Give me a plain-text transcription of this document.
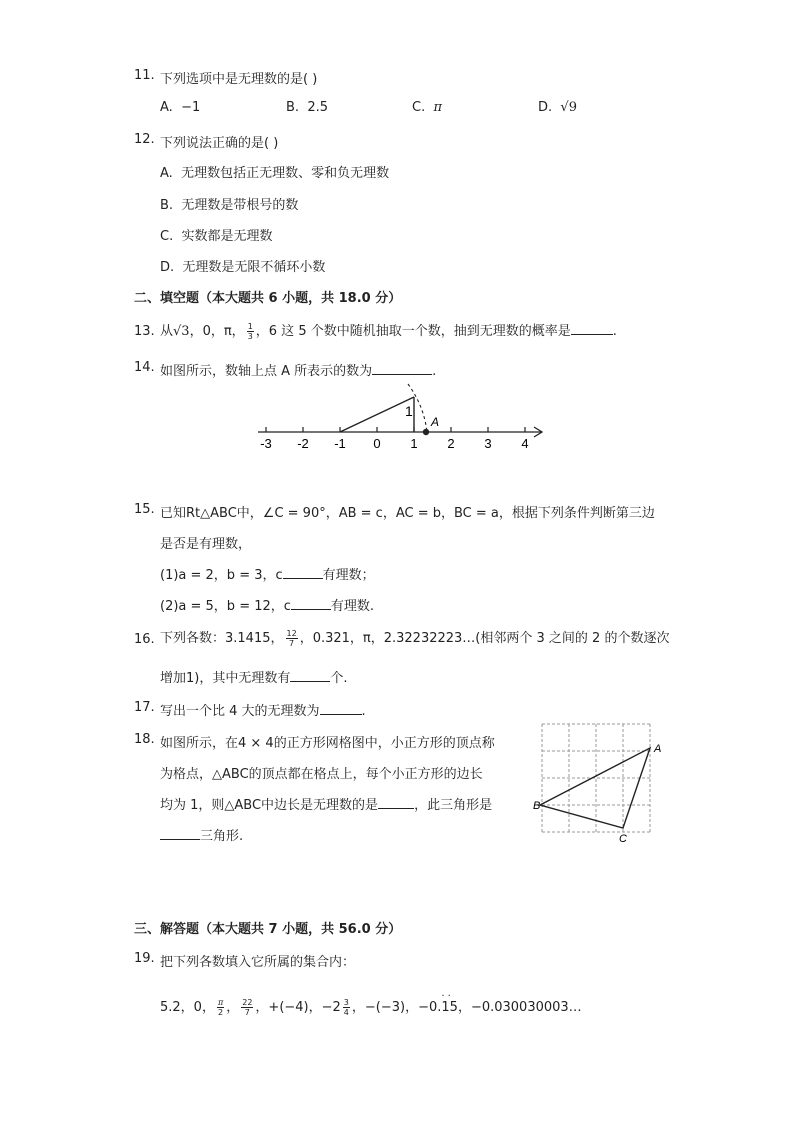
11. 下列选项中是无理数的是( )
A. −1	B. 2.5	C. π	D. √9
12. 下列说法正确的是( )
A. 无理数包括正无理数、零和负无理数
B. 无理数是带根号的数
C. 实数都是无理数
D. 无理数是无限不循环小数
二、填空题（本大题共 6 小题，共 18.0 分）
13. 从√3，0，π， $\frac{1}{3}$ ，6 这 5 个数中随机抽取一个数，抽到无理数的概率是	.
14. 如图所示，数轴上点 A 所表示的数为	.
-3 -2 -1 0 1 2 3 4
1
A
15. 已知Rt△ABC中，∠C = 90°，AB = c，AC = b，BC = a，根据下列条件判断第三边
是否是有理数，
(1)a = 2，b = 3，c	有理数；
(2)a = 5，b = 12，c	有理数.
16. 下列各数：3.1415， $\frac{12}{7}$ ，0.321，π，2.32232223…(相邻两个 3 之间的 2 的个数逐次
增加1)，其中无理数有	个.
17. 写出一个比 4 大的无理数为	.
18. 如图所示，在4 × 4的正方形网格图中，小正方形的顶点称
为格点，△ABC的顶点都在格点上，每个小正方形的边长
均为 1，则△ABC中边长是无理数的是	，此三角形是
三角形.
A
B
C
三、解答题（本大题共 7 小题，共 56.0 分）
19. 把下列各数填入它所属的集合内：
5.2，0， $\frac{\pi}{2}$ ， $\frac{22}{7}$ ，+(−4)，$-2 \frac{3}{4}$ ，−(−3)，−0.15
··
，−0.030030003…
